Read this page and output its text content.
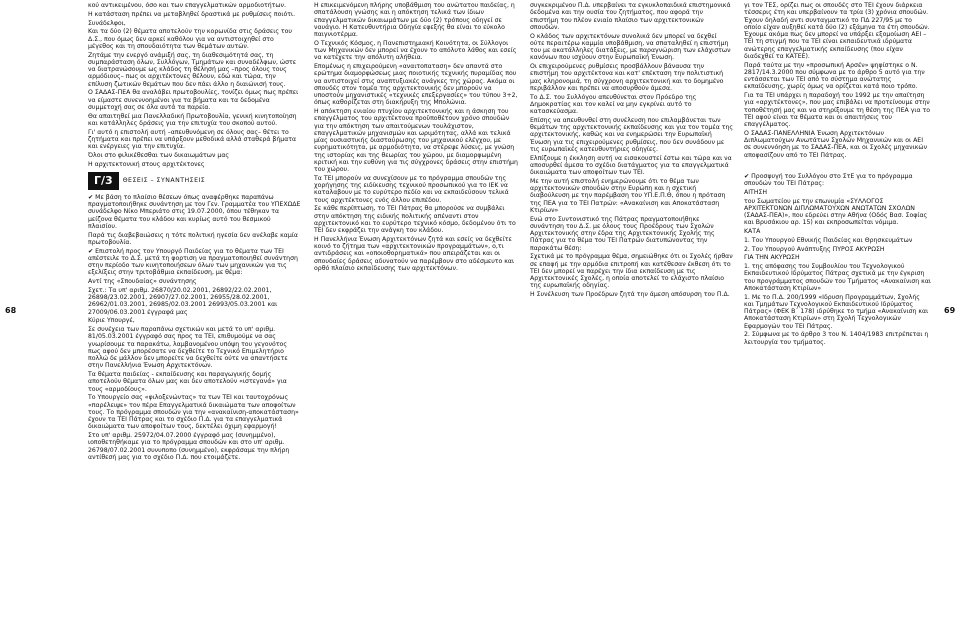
68	69

κού αντικειμένου, όσο και των επαγγελματικών αρμοδιοτήτων.

Η κατάσταση πρέπει να μεταβληθεί δραστικά με ρυθμίσεις ποιότι.

Συνάδελφοι,

Και τα δύο (2) θέματα αποτελούν την κορωνίδα στις δράσεις του Δ.Σ., που όμως δεν αρκεί καθόλου για να αντιστοιχηθεί στο μέγεθος και τη σπουδαιότητα των θεμάτων αυτών.

Ζητάμε την ενεργό ανάμιξή σας, τη διαθεσιμότητά σας, τη συμπαράσταση όλων, Συλλόγων, Τμημάτων και συναδέλφων, ώστε να διατρανώσουμε ως κλάδος τη θέλησή μας –προς όλους τους αρμόδιους– πως οι αρχιτέκτονες θέλουν, εδώ και τώρα, την επίλυση ζωτικών θεμάτων που δεν πάει άλλο η διαιώνισή τους.

Ο ΣΑΔΑΣ-ΠΕΑ θα αναλάβει πρωτοβουλίες, τονίζει όμως πως πρέπει να είμαστε συνεννοημένοι για τα βήματα και τα δεδομένα συμμετοχή σας σε όλα αυτά τα παρεία.

Θα απαιτηθεί μια Πανελλαδική Πρωτοβουλία, γενική κινητοποίηση και κατάλληλες δράσεις για την επιτυχία του σκοπού αυτού.

Γι' αυτό η επιστολή αυτή –απευθυνόμενη σε όλους σας– θέτει το ζητήματα και πρέπει να υπάρξουν μεθοδικά αλλά σταθερά βήματα και ενέργειες για την επιτυχία.

Όλοι στο φιλικέθεσθαι των δικαιωμάτων μας

Η αρχιτεκτονική στους αρχιτέκτονες

Γ/3	ΘΕΣΕΙΣ – ΣΥΝΑΝΤΗΣΕΙΣ

✔ Με βάση το πλαίσιο θέσεων όπως αναφέρθηκε παραπάνω πραγματοποιήθηκε συνάντηση με τον Γεν. Γραμματέα του ΥΠΕΧΩΔΕ συνάδελφο Νίκο Μπεριάτο στις 19.07.2000, όπου τέθηκαν τα μείζονα θέματα του κλάδου και κυρίως αυτό του θεσμικού πλαισίου.

Παρά τις διαβεβαιώσεις η τότε πολιτική ηγεσία δεν ανέλαβε καμία πρωτοβουλία.

✔ Επιστολή προς τον Υπουργό Παιδείας για το θέματα των ΤΕΙ απέστειλε το Δ.Σ. μετά τη φορτιση να πραγματοποιηθεί συνάντηση στην περίοδο των κινητοποιήσεων όλων των μηχανικών για τις εξελίξεις στην τριτοβάθμια εκπαίδευση, με θέμα:

Αντί της «Σπουδαίας» συνάντησης

Σχετ.: Τα υπ' αριθμ. 26870/20.02.2001, 26892/22.02.2001, 26898/23.02.2001, 26907/27.02.2001, 26955/28.02.2001, 26962/01.03.2001, 26985/02.03.2001 26993/05.03.2001 και 27009/06.03.2001 έγγραφά μας

Κύριε Υπουργέ,

Σε συνέχεια των παραπάνω σχετικών και μετά το υπ' αριθμ. 81/05.03.2001 έγγραφό σας προς τα ΤΕΙ, επιθυμούμε να σας γνωρίσουμε τα παρακάτω, λαμβανομένου υπόψη του γεγονότος πως αφού δεν μπορέσατε να δεχθείτε το Τεχνικό Επιμελητήριο πολλώ δε μάλλον δεν μπορείτε να δεχθείτε ούτε να απαντήσετε στην Πανελλήνια Ένωση Αρχιτεκτόνων.

Τα θέματα παιδείας - εκπαίδευσης και παραγωγικής δομής αποτελούν θέματα όλων μας και δεν αποτελούν «ιστεγανά» για τους «αρμοδίους».

Το Υπουργείο σας «φιλοξενώντας» τα των ΤΕΙ και ταυτοχρόνως «παρέλειψε» τον πέρα Επαγγελματικά δικαιώματα των αποφοίτων τους. Το πρόγραμμα σπουδών για την «ανακαίνιση-αποκατάσταση» έχουν τα ΤΕΙ Πάτρας και το σχέδιο Π.Δ. για τα επαγγελματικά δικαιώματα των αποφοίτων τους, δεκτέλει όχιμη εφαρμογή!

Στο υπ' αριθμ. 25972/04.07.2000 έγγραφό μας (συνημμένο), ιοποθετηθήκαμε για το πρόγραμμα σπουδών και στο υπ' αριθμ. 26798/07.02.2001 συνυποπο (συνημμένο), εκφράσαμε την πλήρη αντίθεσή μας για το σχέδιο Π.Δ. που ετοιμάζετε.

Η επικειμενόμενη πλήρης υποβάθμιση του ανώτατου παιδείας, η σπατάλουση γνώσης και η απόκτηση τελικά των ίδιων επαγγελματικών δικαιωμάτων με δύο (2) τρόπους οδηγεί σε ναυάγιο. Η Κατευθυντήρια Οδηγία εφεξής θα είναι το εύκολο παιγνιοτέρμα.

Ο Τεχνικός Κόσμος, η Πανεπιστημιακή Κοινότητα, οι Σύλλογοι των Μηχανικών δεν μπορεί να έχουν το απόλυτο λάθος και εσείς να κατέχετε την απόλυτη αλήθεια.

Επομένως η επιχειρούμενη «αναιτοπαταση» δεν απαντά στο ερώτημα διαμορφώσεως μιας ποιοτικής τεχνικής πυραμίδας που να αντιστοιχεί στις αναπτυξιακές ανάγκες της χώρας. Ακόμα οι σπουδές στον τομέα της αρχιτεκτονικής δεν μπορούν να υποστούν μηχανιστικές «τεχνικές επεξεργασίες» του τύπου 3+2, όπως καθορίζεται στη διακήρυξη της Μπολώνια.

Η απόκτηση ενιαίου πτυχίου αρχιτεκτονικής και η άσκηση του επαγγέλματος του αρχιτέκτονα προϋποθέτουν χρόνο σπουδών για την απόκτηση των απαιτούμενων τουλάχιστον, επαγγελματικών μηχανισμών και ωριμότητας, αλλά και τελικά μίας ουσιαστικής διασταύρωσης του μηχανικού ελέγχου, με ευρηματικότητα, με αρμοδιότητα, να στέρεψε λύσεις, με γνώση της ιστορίας και της θεωρίας του χώρου, με διαμορφωμένη κριτική και την ευθύνη για τις σύγχρονες δράσεις στην επιστήμη του χώρου.

Τα ΤΕΙ μπορούν να συνεχίσουν με το πρόγραμμα σπουδών της χορήγησης της ειδίκευσης τεχνικού προσωπικού για το ΙΕΚ να καταλαβουν με το ευρύτερο πεδίο και να εκπαιδεύσουν τελικά τους αρχιτέκτονες ενός άλλου επιπέδου.

Σε κάθε περίπτωση, το ΤΕΙ Πάτρας θα μπορούσε να συμβάλει στην απόκτηση της ειδικής πολιτικής απέναντι στον αρχιτεκτονικό και το ευρύτερο τεχνικό κόσμο, δεδομένου ότι το ΤΕΙ δεν εκφράζει την ανάγκη του κλάδου.

Η Πανελλήνια Ένωση Αρχιτεκτόνων ζητά και εσείς να δεχθείτε κοινό το ζήτημα των «αρχιτεκτονικών προγραμμάτων», ο,τι αντιδράσεις και «οποιοθορηματικά» που απειράζεται και οι σπουδαίες δράσεις αδυνατούν να παρέμβουν στο αδέσμευτο και ορθό πλαίσιο εκπαίδευσης των αρχιτεκτόνων.

συγκεκριμένου Π.Δ. υπερβαίνει τα εγκυκλοπαιδικά επιστημονικά δεδομένα και την ουσία του ζητήματος, που αφορά την επιστήμη του πλέον ενιαίο πλαίσιο των αρχιτεκτονικών σπουδών.

Ο κλάδος των αρχιτεκτόνων συνολικά δεν μπορεί να δεχθεί ούτε περαιτέρω καμμία υποβάθμιση, να σπαταληθεί η επιστήμη του με ακατάλληλες διατάξεις, με παραγνώριση των ελάχιστων κανόνων που ισχύουν στην Ευρωπαϊκή Ένωση.

Οι επιχειρούμενες ρυθμίσεις προσβάλλουν βάναυσα την επιστήμη του αρχιτέκτονα και κατ' επέκταση την πολιτιστική μας κληρονομιά, τη σύγχρονη αρχιτεκτονική και το δομημένο περιβάλλον και πρέπει να αποσυρθούν άμεσα.

Το Δ.Σ. του Συλλόγου απευθύνεται στον Πρόεδρο της Δημοκρατίας και τον καλεί να μην εγκρίνει αυτό το κατασκεύασμα.

Επίσης να απευθυνθεί στη συνέλευση που επιλαμβάνεται των θεμάτων της αρχιτεκτονικής εκπαίδευσης και για τον τομέα της αρχιτεκτονικής, καθώς και να ενημερώσει την Ευρωπαϊκή Ένωση για τις επιχειρούμενες ρυθμίσεις, που δεν συνάδουν με τις ευρωπαϊκές κατευθυντήριες οδηγίες.

Ελπίζουμε η έκκληση αυτή να εισακουστεί έστω και τώρα και να αποσυρθεί άμεσα το σχέδιο διατάγματος για τα επαγγελματικά δικαιώματα των αποφοίτων των ΤΕΙ.

Με την αυτή επιστολή ενημερώνουμε ότι το θέμα των αρχιτεκτονικών σπουδών στην Ευρώπη και η σχετική διαβούλευση με την παρέμβαση του ΥΠ.Ε.Π.Θ, όπου η πρόταση της ΠΕΑ για το ΤΕΙ Πατρών: «Ανακαίνιση και Αποκατάσταση Κτιρίων»

Ενώ στο Συντονιστικό της Πάτρας πραγματοποιήθηκε συνάντηση του Δ.Σ. με όλους τους Προέδρους των Σχολών Αρχιτεκτονικής στην έδρα της Αρχιτεκτονικής Σχολής της Πάτρας για το θέμα του ΤΕΙ Πατρών διατυπώνοντας την παρακάτω θέση:

Σχετικά με το πρόγραμμα θέμα, σημειώθηκε ότι οι Σχολές ήρθαν σε επαφή με την αρμόδια επιτροπή και κατέθεσαν έκθεση ότι το ΤΕΙ δεν μπορεί να παρέχει την ίδια εκπαίδευση με τις Αρχιτεκτονικές Σχολές, η οποία αποτελεί το ελάχιστο πλαίσιο της ευρωπαϊκής οδηγίας.

Η Συνέλευση των Προέδρων ζητά την άμεση απόσυρση του Π.Δ.

γι τον ΤΕΣ, ορίζει πως οι σπουδές στο ΤΕΙ έχουν διάρκεια τέσσερις έτη και υπερβαίνουν τα τρία (3) χρόνια σπουδών. Έχουν δηλαδή αντι συνταγματικό το ΠΔ 227/95 με το οποίο είχαν αυξηθεί κατά δύο (2) εξάμηνα τα έτη σπουδών. Έχουμε ακόμα πως δεν μπορεί να υπάρξει εξομοίωση ΑΕΙ – ΤΕΙ τη στιγμή που τα ΤΕΙ είναι εκπαιδευτικά ιδρύματα ανώτερης επαγγελματικής εκπαίδευσης (που είχαν διαδεχθεί τα ΚΑΤΕΕ).

Παρά ταύτα με την «προσωπική Αρσέν» ψηφίστηκε ο Ν. 2817/14.3.2000 που σύμφωνα με το άρθρο 5 αυτό για την εντάσσεται των ΤΕΙ από το σύστημα ανώτατης εκπαίδευσης, χωρίς όμως να ορίζεται κατά ποιο τρόπο.

Για τα ΤΕΙ υπάρχει η παραδοχή του 1992 με την απαίτηση για «αρχιτέκτονες», που μας επιβάλει να προτείνουμε στην τοποθέτησή μας και να στηρίξουμε τη θέση της ΠΕΑ για το ΤΕΙ αφού είναι τα θέματα και οι απαιτήσεις του επαγγέλματος.

Ο ΣΑΔΑΣ-ΠΑΝΕΛΛΗΝΙΑ Ένωση Αρχιτεκτόνων Διπλωματούχων Ανωτάτων Σχολών Μηχανικών και οι ΑΕΙ σε συνεννόηση με το ΣΑΔΑΣ-ΠΕΑ, και οι Σχολές μηχανικών αποφασίζουν από το ΤΕΙ Πάτρας.

✔ Προσφυγή του Συλλόγου στο ΣτΕ για το πρόγραμμα σπουδών του ΤΕΙ Πάτρας:

ΑΙΤΗΣΗ

του Σωματείου με την επωνυμία «ΣΥΛΛΟΓΟΣ ΑΡΧΙΤΕΚΤΟΝΩΝ ΔΙΠΛΩΜΑΤΟΥΧΩΝ ΑΝΩΤΑΤΩΝ ΣΧΟΛΩΝ (ΣΑΔΑΣ-ΠΕΑ)», που εδρεύει στην Αθήνα (Οδός Βασ. Σοφίας και Βρυσάκιου αρ. 15) και εκπροσωπείται νόμιμα.

ΚΑΤΑ

1. Του Υπουργού Εθνικής Παιδείας και Θρησκευμάτων

2. Του Υπουργού Ανάπτυξης ΠΥΡΟΣ ΑΚΥΡΩΣΗ

ΓΙΑ ΤΗΝ ΑΚΥΡΩΣΗ

1. της απόφασης του Συμβουλίου του Τεχνολογικού Εκπαιδευτικού Ιδρύματος Πάτρας σχετικά με την έγκριση του προγράμματος σπουδών του Τμήματος «Ανακαίνιση και Αποκατάσταση Κτιρίων»

1. Με το Π.Δ. 200/1999 «Ιδρυση Προγραμμάτων, Σχολής και Τμημάτων Τεχνολογικού Εκπαιδευτικού Ιδρύματος Πάτρας» (ΦΕΚ Β΄ 178) ιδρύθηκε το τμήμα «Ανακαίνιση και Αποκατάσταση Κτιρίων» στη Σχολή Τεχνολογικών Εφαρμογών του ΤΕΙ Πάτρας.

2. Σύμφωνα με το άρθρο 3 του Ν. 1404/1983 επιτρέπεται η λειτουργία του τμήματος.
